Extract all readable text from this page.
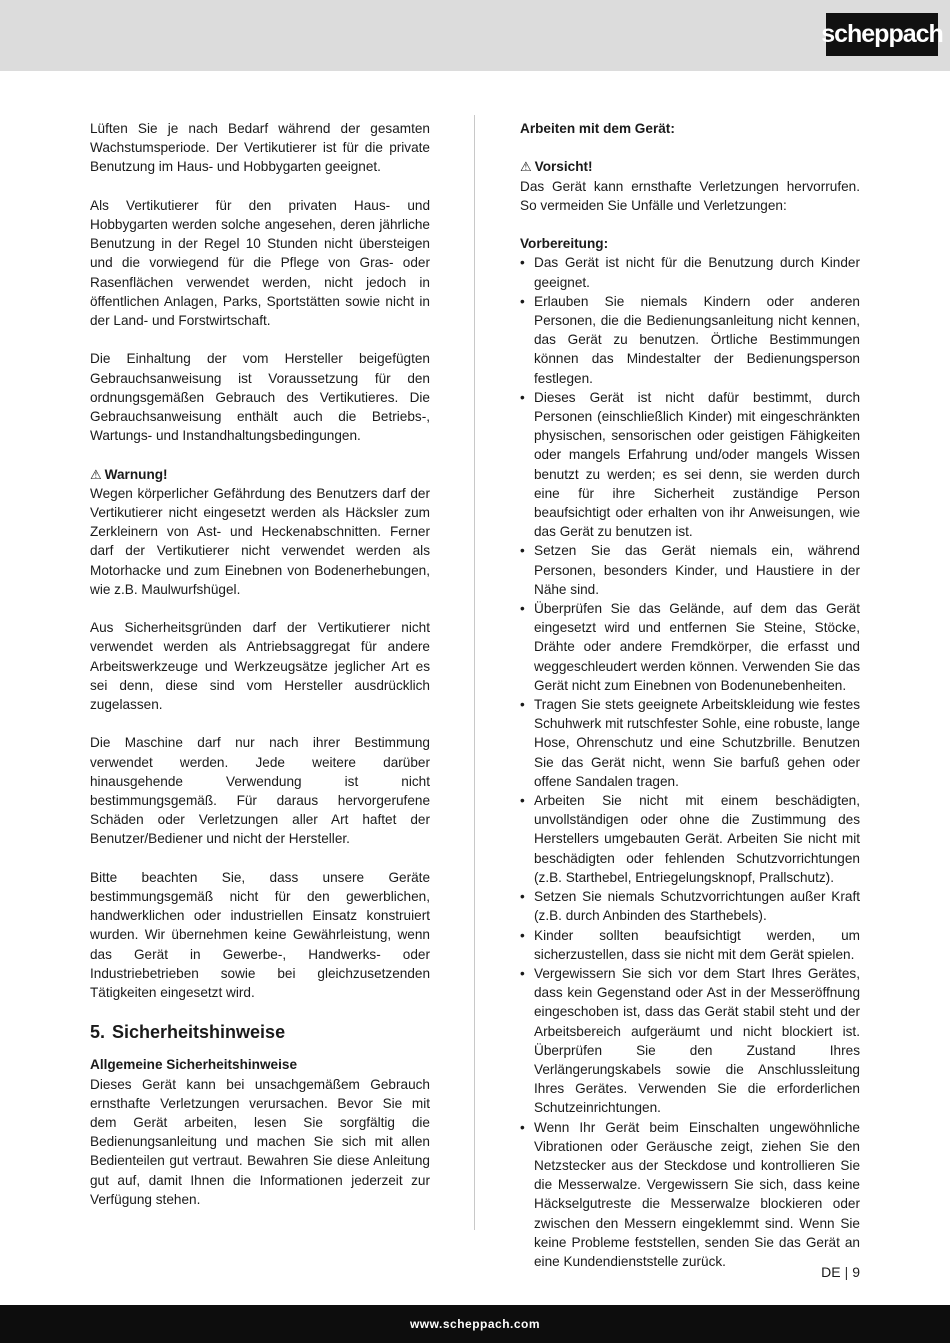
scheppach

Lüften Sie je nach Bedarf während der gesamten Wachstumsperiode. Der Vertikutierer ist für die private Benutzung im Haus- und Hobbygarten geeignet.

Als Vertikutierer für den privaten Haus- und Hobbygarten werden solche angesehen, deren jährliche Benutzung in der Regel 10 Stunden nicht übersteigen und die vorwiegend für die Pflege von Gras- oder Rasenflächen verwendet werden, nicht jedoch in öffentlichen Anlagen, Parks, Sportstätten sowie nicht in der Land- und Forstwirtschaft.

Die Einhaltung der vom Hersteller beigefügten Gebrauchsanweisung ist Voraussetzung für den ordnungsgemäßen Gebrauch des Vertikutieres. Die Gebrauchsanweisung enthält auch die Betriebs-, Wartungs- und Instandhaltungsbedingungen.

⚠ Warnung!

Wegen körperlicher Gefährdung des Benutzers darf der Vertikutierer nicht eingesetzt werden als Häcksler zum Zerkleinern von Ast- und Heckenabschnitten. Ferner darf der Vertikutierer nicht verwendet werden als Motorhacke und zum Einebnen von Bodenerhebungen, wie z.B. Maulwurfshügel.

Aus Sicherheitsgründen darf der Vertikutierer nicht verwendet werden als Antriebsaggregat für andere Arbeitswerkzeuge und Werkzeugsätze jeglicher Art es sei denn, diese sind vom Hersteller ausdrücklich zugelassen.

Die Maschine darf nur nach ihrer Bestimmung verwendet werden. Jede weitere darüber hinausgehende Verwendung ist nicht bestimmungsgemäß. Für daraus hervorgerufene Schäden oder Verletzungen aller Art haftet der Benutzer/Bediener und nicht der Hersteller.

Bitte beachten Sie, dass unsere Geräte bestimmungsgemäß nicht für den gewerblichen, handwerklichen oder industriellen Einsatz konstruiert wurden. Wir übernehmen keine Gewährleistung, wenn das Gerät in Gewerbe-, Handwerks- oder Industriebetrieben sowie bei gleichzusetzenden Tätigkeiten eingesetzt wird.

5. Sicherheitshinweise
Allgemeine Sicherheitshinweise

Dieses Gerät kann bei unsachgemäßem Gebrauch ernsthafte Verletzungen verursachen. Bevor Sie mit dem Gerät arbeiten, lesen Sie sorgfältig die Bedienungsanleitung und machen Sie sich mit allen Bedienteilen gut vertraut. Bewahren Sie diese Anleitung gut auf, damit Ihnen die Informationen jederzeit zur Verfügung stehen.

Arbeiten mit dem Gerät:
⚠ Vorsicht!

Das Gerät kann ernsthafte Verletzungen hervorrufen. So vermeiden Sie Unfälle und Verletzungen:

Vorbereitung:
• Das Gerät ist nicht für die Benutzung durch Kinder geeignet.
• Erlauben Sie niemals Kindern oder anderen Personen, die die Bedienungsanleitung nicht kennen, das Gerät zu benutzen. Örtliche Bestimmungen können das Mindestalter der Bedienungsperson festlegen.
• Dieses Gerät ist nicht dafür bestimmt, durch Personen (einschließlich Kinder) mit eingeschränkten physischen, sensorischen oder geistigen Fähigkeiten oder mangels Erfahrung und/oder mangels Wissen benutzt zu werden; es sei denn, sie werden durch eine für ihre Sicherheit zuständige Person beaufsichtigt oder erhalten von ihr Anweisungen, wie das Gerät zu benutzen ist.
• Setzen Sie das Gerät niemals ein, während Personen, besonders Kinder, und Haustiere in der Nähe sind.
• Überprüfen Sie das Gelände, auf dem das Gerät eingesetzt wird und entfernen Sie Steine, Stöcke, Drähte oder andere Fremdkörper, die erfasst und weggeschleudert werden können. Verwenden Sie das Gerät nicht zum Einebnen von Bodenunebenheiten.
• Tragen Sie stets geeignete Arbeitskleidung wie festes Schuhwerk mit rutschfester Sohle, eine robuste, lange Hose, Ohrenschutz und eine Schutzbrille. Benutzen Sie das Gerät nicht, wenn Sie barfuß gehen oder offene Sandalen tragen.
• Arbeiten Sie nicht mit einem beschädigten, unvollständigen oder ohne die Zustimmung des Herstellers umgebauten Gerät. Arbeiten Sie nicht mit beschädigten oder fehlenden Schutzvorrichtungen (z.B. Starthebel, Entriegelungsknopf, Prallschutz).
• Setzen Sie niemals Schutzvorrichtungen außer Kraft (z.B. durch Anbinden des Starthebels).
• Kinder sollten beaufsichtigt werden, um sicherzustellen, dass sie nicht mit dem Gerät spielen.
• Vergewissern Sie sich vor dem Start Ihres Gerätes, dass kein Gegenstand oder Ast in der Messeröffnung eingeschoben ist, dass das Gerät stabil steht und der Arbeitsbereich aufgeräumt und nicht blockiert ist. Überprüfen Sie den Zustand Ihres Verlängerungskabels sowie die Anschlussleitung Ihres Gerätes. Verwenden Sie die erforderlichen Schutzeinrichtungen.
• Wenn Ihr Gerät beim Einschalten ungewöhnliche Vibrationen oder Geräusche zeigt, ziehen Sie den Netzstecker aus der Steckdose und kontrollieren Sie die Messerwalze. Vergewissern Sie sich, dass keine Häckselgutreste die Messerwalze blockieren oder zwischen den Messern eingeklemmt sind. Wenn Sie keine Probleme feststellen, senden Sie das Gerät an eine Kundendienststelle zurück.
DE | 9
www.scheppach.com
